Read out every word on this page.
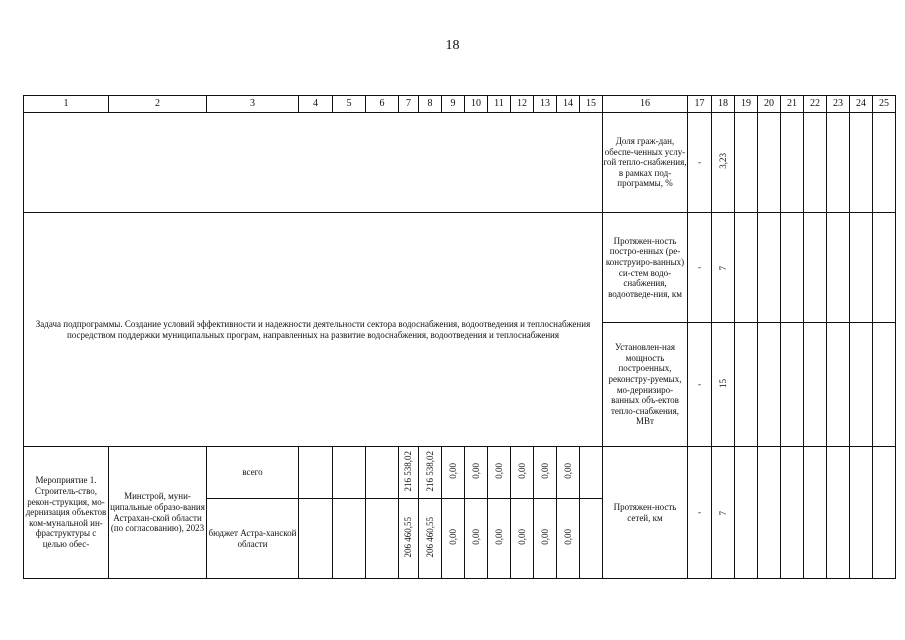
18
1	2	3	4	5	6	7	8	9	10	11	12	13	14	15	16	17	18	19	20	21	22	23	24	25
															Доля граж-дан, обеспе-ченных услу-гой тепло-снабжения, в рамках под-программы, %	-	3,23							
Задача подпрограммы. Создание условий эффективности и надежности деятельности сектора водоснабжения, водоотведения и теплоснабжения посредством поддержки муниципальных програм, направленных на развитие водоснабжения, водоотведения и теплоснабжения															Протяжен-ность постро-енных (ре-конструиро-ванных) си-стем водо-снабжения, водоотведе-ния, км	-	7							
															Установлен-ная мощность построенных, реконстру-руемых, мо-дернизиро-ванных объ-ектов тепло-снабжения, МВт	-	15							
Мероприятие 1. Строитель-ство, рекон-струкция, мо-дернизация объектов ком-мунальной ин-фраструктуры с целью обес-	Минстрой, муни-ципальные образо-вания Астрахан-ской области (по согласованию), 2023	всего				216 538,02	216 538,02	0,00	0,00	0,00	0,00	0,00	0,00		Протяжен-ность сетей, км	-	7							
		бюджет Астра-ханской области				206 460,55	206 460,55	0,00	0,00	0,00	0,00	0,00	0,00											
